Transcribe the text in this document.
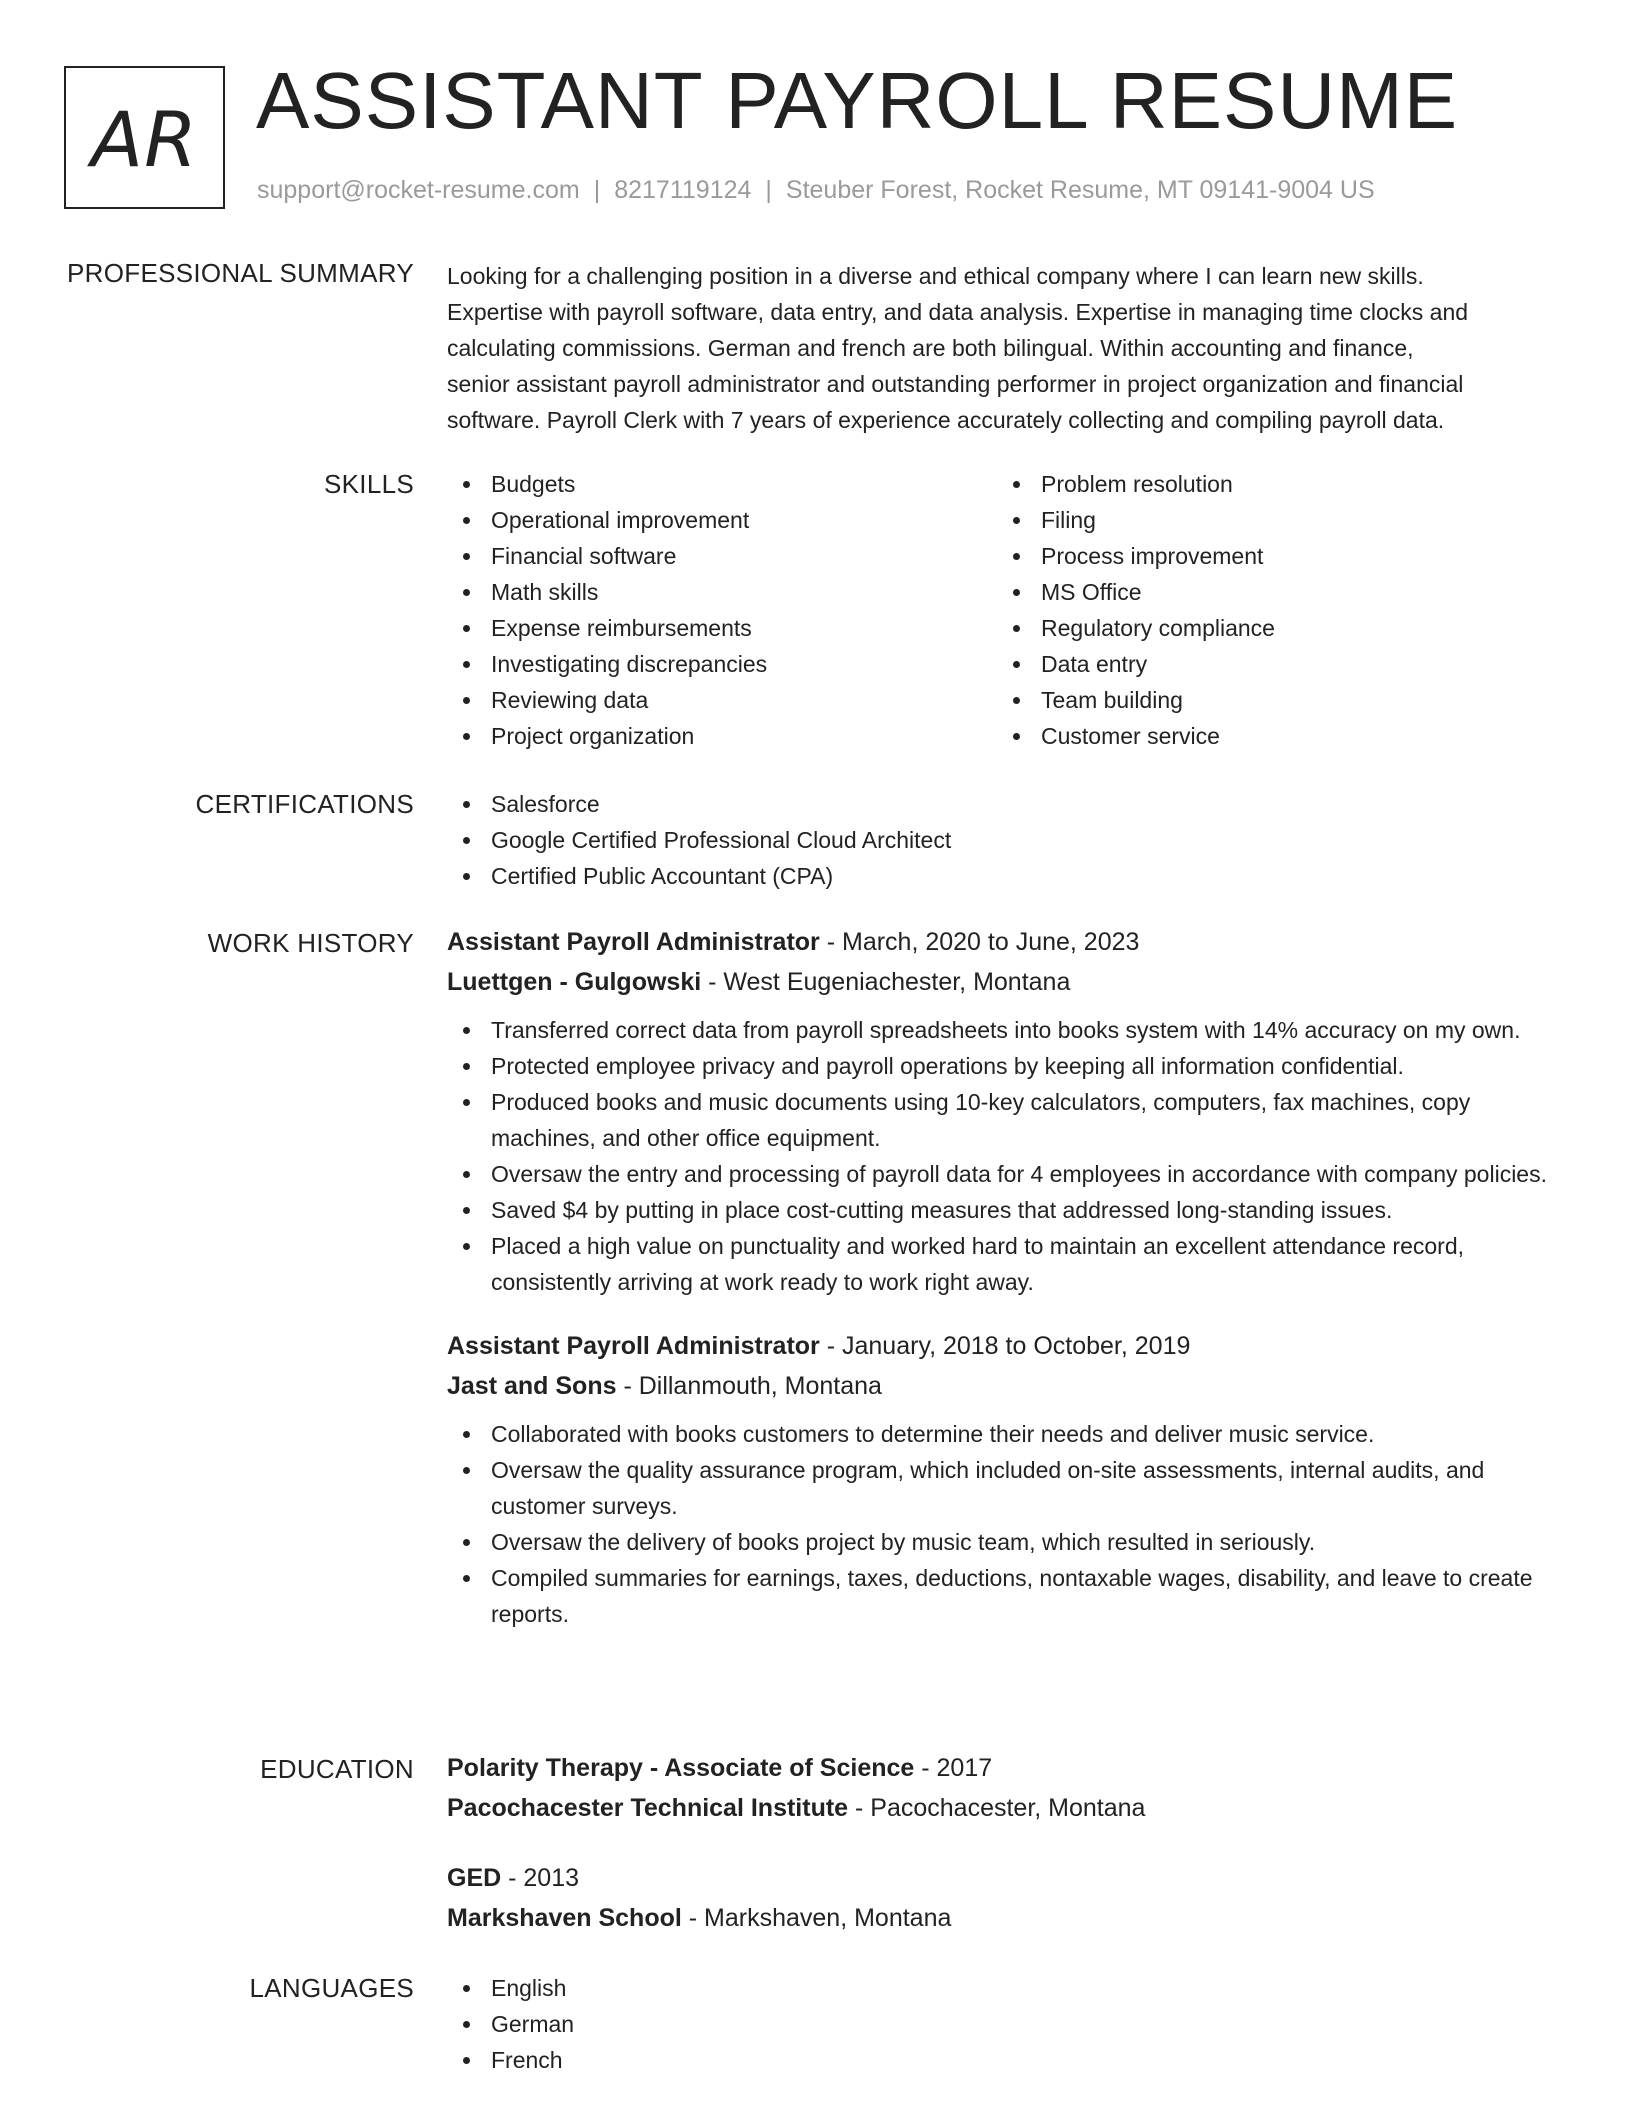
AR ASSISTANT PAYROLL RESUME
support@rocket-resume.com | 8217119124 | Steuber Forest, Rocket Resume, MT 09141-9004 US
PROFESSIONAL SUMMARY Looking for a challenging position in a diverse and ethical company where I can learn new skills.
Expertise with payroll software, data entry, and data analysis. Expertise in managing time clocks and
calculating commissions. German and french are both bilingual. Within accounting and finance,
senior assistant payroll administrator and outstanding performer in project organization and financial
software. Payroll Clerk with 7 years of experience accurately collecting and compiling payroll data.
SKILLS	Budgets
Operational improvement
Financial software
Math skills
Expense reimbursements
Investigating discrepancies
Reviewing data
Project organization
Problem resolution
Filing
Process improvement
MS Office
Regulatory compliance
Data entry
Team building
Customer service
CERTIFICATIONS	Salesforce
Google Certified Professional Cloud Architect
Certified Public Accountant (CPA)
WORK HISTORY Assistant Payroll Administrator - March, 2020 to June, 2023
Luettgen - Gulgowski - West Eugeniachester, Montana
Transferred correct data from payroll spreadsheets into books system with 14% accuracy on my own.
Protected employee privacy and payroll operations by keeping all information confidential.
Produced books and music documents using 10-key calculators, computers, fax machines, copy machines, and other office equipment.
Oversaw the entry and processing of payroll data for 4 employees in accordance with company policies.
Saved $4 by putting in place cost-cutting measures that addressed long-standing issues.
Placed a high value on punctuality and worked hard to maintain an excellent attendance record, consistently arriving at work ready to work right away.
Assistant Payroll Administrator - January, 2018 to October, 2019
Jast and Sons - Dillanmouth, Montana
Collaborated with books customers to determine their needs and deliver music service.
Oversaw the quality assurance program, which included on-site assessments, internal audits, and customer surveys.
Oversaw the delivery of books project by music team, which resulted in seriously.
Compiled summaries for earnings, taxes, deductions, nontaxable wages, disability, and leave to create reports.
EDUCATION Polarity Therapy - Associate of Science - 2017
Pacochacester Technical Institute - Pacochacester, Montana
GED - 2013
Markshaven School - Markshaven, Montana
LANGUAGES	English
German
French
